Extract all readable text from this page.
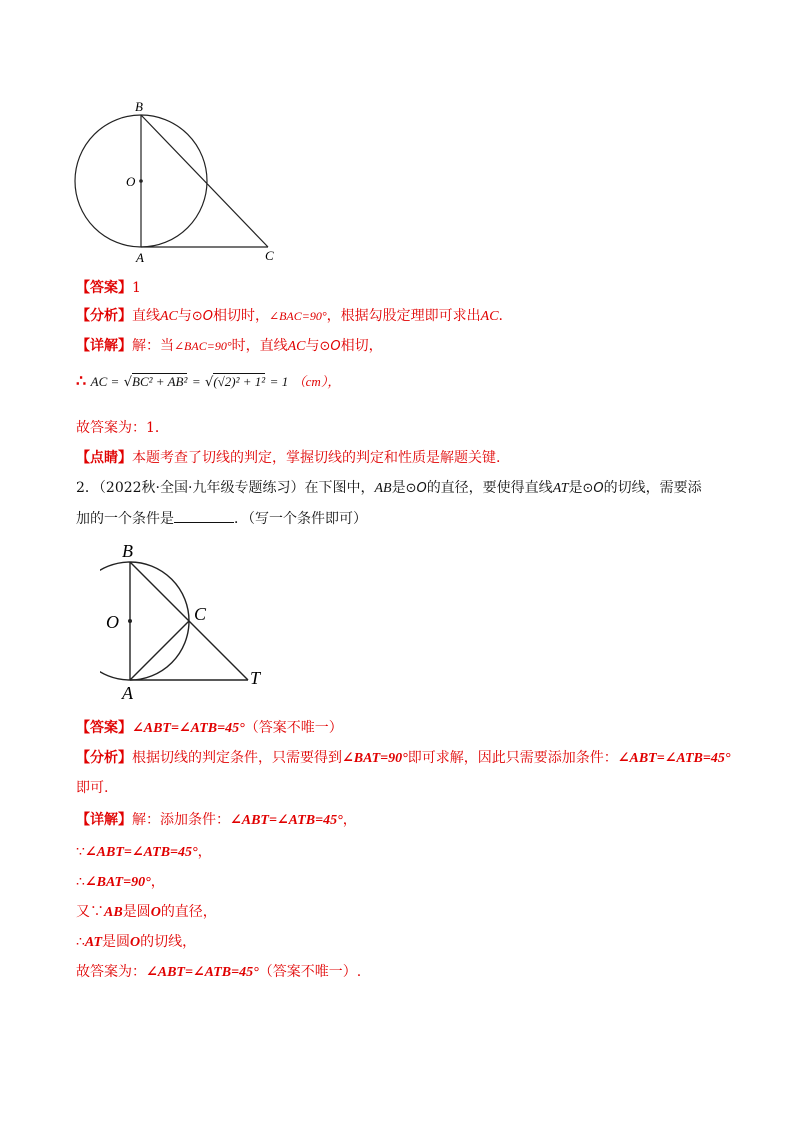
B
O
A	C
【答案】1
【分析】直线AC与⊙O相切时，∠BAC=90°，根据勾股定理即可求出AC.
【详解】解：当∠BAC=90°时，直线AC与⊙O相切，
∴ AC = √BC² + AB² = √(√2)² + 1² = 1 （cm），
故答案为：1．
【点睛】本题考查了切线的判定，掌握切线的判定和性质是解题关键.
2．（2022秋·全国·九年级专题练习）在下图中，AB是⊙O的直径，要使得直线AT是⊙O的切线，需要添
加的一个条件是	．（写一个条件即可）
B
O	C
A
T
【答案】∠ABT=∠ATB=45°（答案不唯一）
【分析】根据切线的判定条件，只需要得到∠BAT=90°即可求解，因此只需要添加条件：∠ABT=∠ATB=45°
即可.
【详解】解：添加条件：∠ABT=∠ATB=45°，
∵∠ABT=∠ATB=45°，
∴∠BAT=90°，
又∵AB是圆O的直径，
∴AT是圆O的切线，
故答案为：∠ABT=∠ATB=45°（答案不唯一）.
